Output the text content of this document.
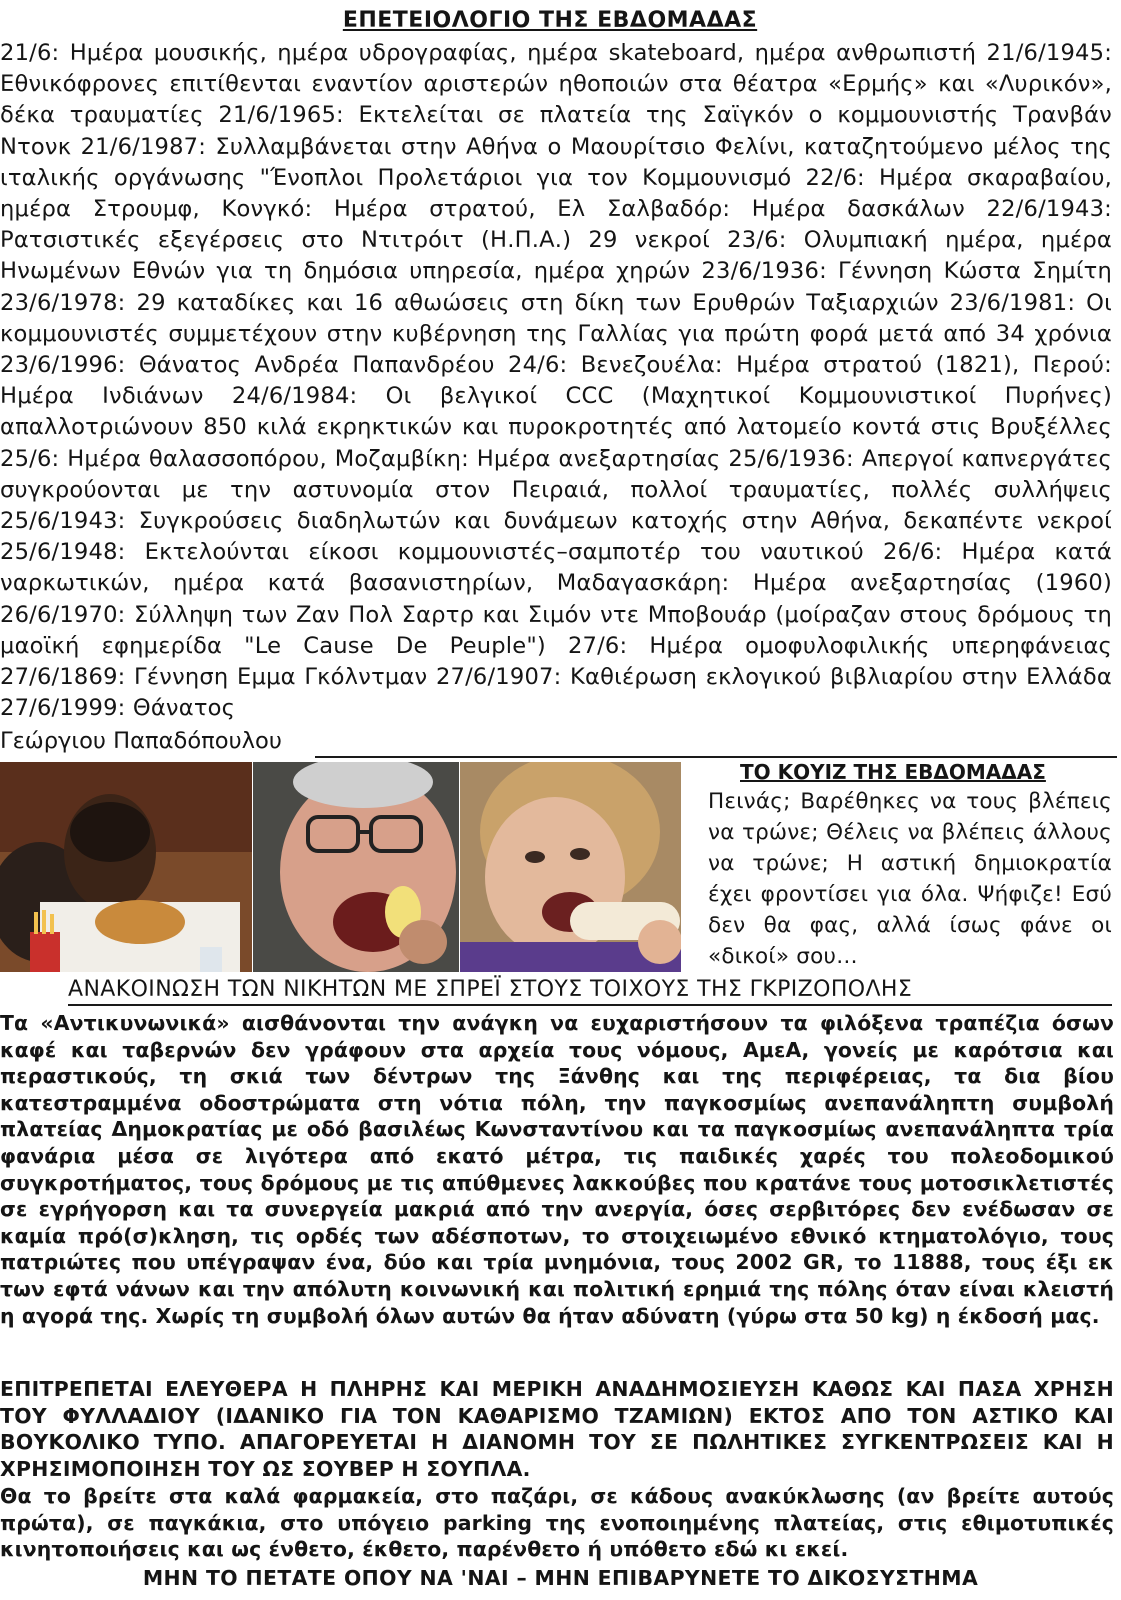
ΕΠΕΤΕΙΟΛΟΓΙΟ ΤΗΣ ΕΒΔΟΜΑΔΑΣ

21/6: Ημέρα μουσικής, ημέρα υδρογραφίας, ημέρα skateboard, ημέρα ανθρωπιστή 21/6/1945: Εθνικόφρονες επιτίθενται εναντίον αριστερών ηθοποιών στα θέατρα «Ερμής» και «Λυρικόν», δέκα τραυματίες 21/6/1965: Εκτελείται σε πλατεία της Σαϊγκόν ο κομμουνιστής Τρανβάν Ντονκ 21/6/1987: Συλλαμβάνεται στην Αθήνα ο Μαουρίτσιο Φελίνι, καταζητούμενο μέλος της ιταλικής οργάνωσης "Ένοπλοι Προλετάριοι για τον Κομμουνισμό 22/6: Ημέρα σκαραβαίου, ημέρα Στρουμφ, Κονγκό: Ημέρα στρατού, Ελ Σαλβαδόρ: Ημέρα δασκάλων 22/6/1943: Ρατσιστικές εξεγέρσεις στο Ντιτρόιτ (Η.Π.Α.) 29 νεκροί 23/6: Ολυμπιακή ημέρα, ημέρα Ηνωμένων Εθνών για τη δημόσια υπηρεσία, ημέρα χηρών 23/6/1936: Γέννηση Κώστα Σημίτη 23/6/1978: 29 καταδίκες και 16 αθωώσεις στη δίκη των Ερυθρών Ταξιαρχιών 23/6/1981: Οι κομμουνιστές συμμετέχουν στην κυβέρνηση της Γαλλίας για πρώτη φορά μετά από 34 χρόνια 23/6/1996: Θάνατος Ανδρέα Παπανδρέου 24/6: Βενεζουέλα: Ημέρα στρατού (1821), Περού: Ημέρα Ινδιάνων 24/6/1984: Οι βελγικοί CCC (Μαχητικοί Κομμουνιστικοί Πυρήνες) απαλλοτριώνουν 850 κιλά εκρηκτικών και πυροκροτητές από λατομείο κοντά στις Βρυξέλλες 25/6: Ημέρα θαλασσοπόρου, Μοζαμβίκη: Ημέρα ανεξαρτησίας 25/6/1936: Απεργοί καπνεργάτες συγκρούονται με την αστυνομία στον Πειραιά, πολλοί τραυματίες, πολλές συλλήψεις 25/6/1943: Συγκρούσεις διαδηλωτών και δυνάμεων κατοχής στην Αθήνα, δεκαπέντε νεκροί 25/6/1948: Εκτελούνται είκοσι κομμουνιστές–σαμποτέρ του ναυτικού 26/6: Ημέρα κατά ναρκωτικών, ημέρα κατά βασανιστηρίων, Μαδαγασκάρη: Ημέρα ανεξαρτησίας (1960) 26/6/1970: Σύλληψη των Ζαν Πολ Σαρτρ και Σιμόν ντε Μποβουάρ (μοίραζαν στους δρόμους τη μαοϊκή εφημερίδα "Le Cause De Peuple") 27/6: Ημέρα ομοφυλοφιλικής υπερηφάνειας 27/6/1869: Γέννηση Εμμα Γκόλντμαν 27/6/1907: Καθιέρωση εκλογικού βιβλιαρίου στην Ελλάδα 27/6/1999: Θάνατος

Γεώργιου Παπαδόπουλου
ΤΟ ΚΟΥΙΖ ΤΗΣ ΕΒΔΟΜΑΔΑΣ

Πεινάς; Βαρέθηκες να τους βλέπεις να τρώνε; Θέλεις να βλέπεις άλλους να τρώνε; Η αστική δημιοκρατία έχει φροντίσει για όλα. Ψήφιζε! Εσύ δεν θα φας, αλλά ίσως φάνε οι «δικοί» σου…

ΑΝΑΚΟΙΝΩΣΗ ΤΩΝ ΝΙΚΗΤΩΝ ΜΕ ΣΠΡΕΪ ΣΤΟΥΣ ΤΟΙΧΟΥΣ ΤΗΣ ΓΚΡΙΖΟΠΟΛΗΣ

Τα «Αντικυνωνικά» αισθάνονται την ανάγκη να ευχαριστήσουν τα φιλόξενα τραπέζια όσων καφέ και ταβερνών δεν γράφουν στα αρχεία τους νόμους, ΑμεΑ, γονείς με καρότσια και περαστικούς, τη σκιά των δέντρων της Ξάνθης και της περιφέρειας, τα δια βίου κατεστραμμένα οδοστρώματα στη νότια πόλη, την παγκοσμίως ανεπανάληπτη συμβολή πλατείας Δημοκρατίας με οδό βασιλέως Κωνσταντίνου και τα παγκοσμίως ανεπανάληπτα τρία φανάρια μέσα σε λιγότερα από εκατό μέτρα, τις παιδικές χαρές του πολεοδομικού συγκροτήματος, τους δρόμους με τις απύθμενες λακκούβες που κρατάνε τους μοτοσικλετιστές σε εγρήγορση και τα συνεργεία μακριά από την ανεργία, όσες σερβιτόρες δεν ενέδωσαν σε καμία πρό(σ)κληση, τις ορδές των αδέσποτων, το στοιχειωμένο εθνικό κτηματολόγιο, τους πατριώτες που υπέγραψαν ένα, δύο και τρία μνημόνια, τους 2002 GR, το 11888, τους έξι εκ των εφτά νάνων και την απόλυτη κοινωνική και πολιτική ερημιά της πόλης όταν είναι κλειστή η αγορά της. Χωρίς τη συμβολή όλων αυτών θα ήταν αδύνατη (γύρω στα 50 kg) η έκδοσή μας.

ΕΠΙΤΡΕΠΕΤΑΙ ΕΛΕΥΘΕΡΑ Η ΠΛΗΡΗΣ ΚΑΙ ΜΕΡΙΚΗ ΑΝΑΔΗΜΟΣΙΕΥΣΗ ΚΑΘΩΣ ΚΑΙ ΠΑΣΑ ΧΡΗΣΗ ΤΟΥ ΦΥΛΛΑΔΙΟΥ (ΙΔΑΝΙΚΟ ΓΙΑ ΤΟΝ ΚΑΘΑΡΙΣΜΟ ΤΖΑΜΙΩΝ) ΕΚΤΟΣ ΑΠΟ ΤΟΝ ΑΣΤΙΚΟ ΚΑΙ ΒΟΥΚΟΛΙΚΟ ΤΥΠΟ. ΑΠΑΓΟΡΕΥΕΤΑΙ Η ΔΙΑΝΟΜΗ ΤΟΥ ΣΕ ΠΩΛΗΤΙΚΕΣ ΣΥΓΚΕΝΤΡΩΣΕΙΣ ΚΑΙ Η ΧΡΗΣΙΜΟΠΟΙΗΣΗ ΤΟΥ ΩΣ ΣΟΥΒΕΡ Η ΣΟΥΠΛΑ.

Θα το βρείτε στα καλά φαρμακεία, στο παζάρι, σε κάδους ανακύκλωσης (αν βρείτε αυτούς πρώτα), σε παγκάκια, στο υπόγειο parking της ενοποιημένης πλατείας, στις εθιμοτυπικές κινητοποιήσεις και ως ένθετο, έκθετο, παρένθετο ή υπόθετο εδώ κι εκεί.

ΜΗΝ ΤΟ ΠΕΤΑΤΕ ΟΠΟΥ ΝΑ 'ΝΑΙ – ΜΗΝ ΕΠΙΒΑΡΥΝΕΤΕ ΤΟ ΔΙΚΟΣΥΣΤΗΜΑ
